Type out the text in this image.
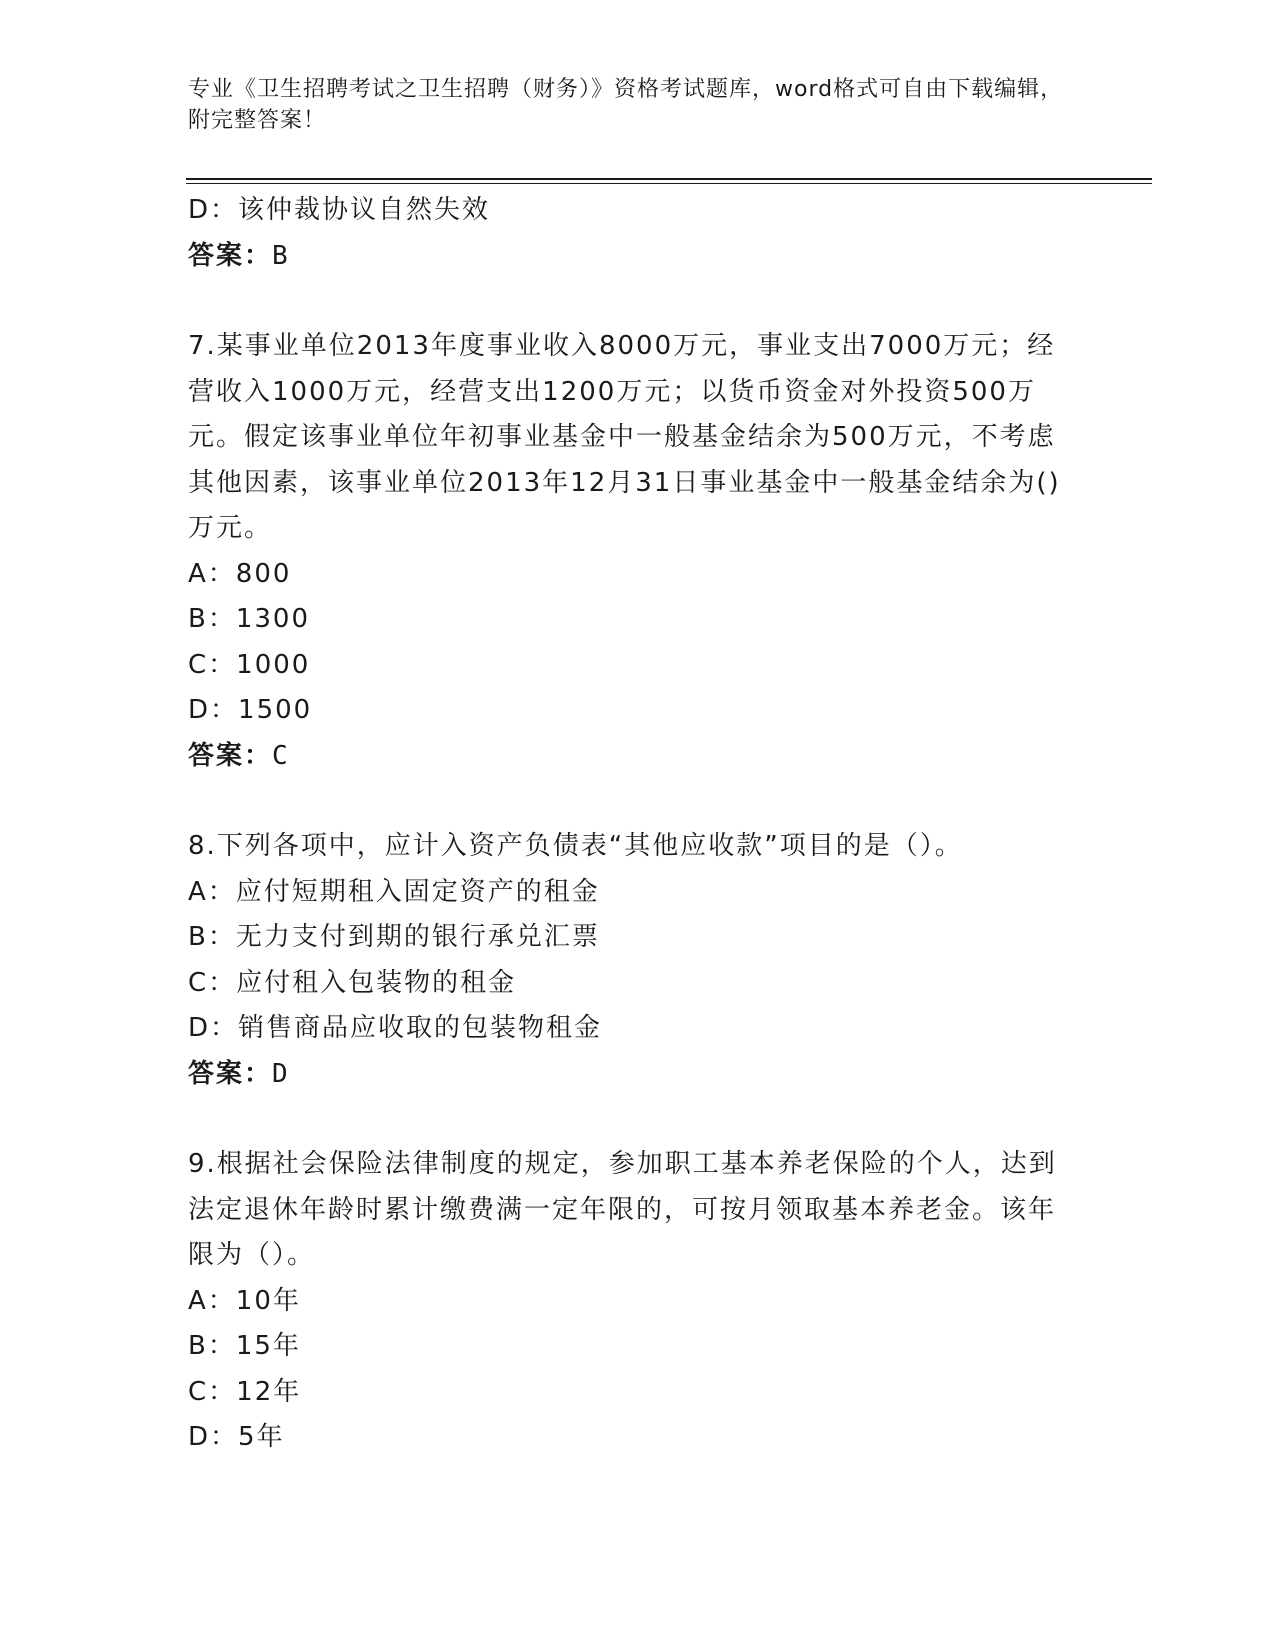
专业《卫生招聘考试之卫生招聘（财务）》资格考试题库，word格式可自由下载编辑，附完整答案！
D：该仲裁协议自然失效
答案：B
7.某事业单位2013年度事业收入8000万元，事业支出7000万元；经营收入1000万元，经营支出1200万元；以货币资金对外投资500万元。假定该事业单位年初事业基金中一般基金结余为500万元，不考虑其他因素，该事业单位2013年12月31日事业基金中一般基金结余为()万元。
A：800
B：1300
C：1000
D：1500
答案：C
8.下列各项中，应计入资产负债表“其他应收款”项目的是（）。
A：应付短期租入固定资产的租金
B：无力支付到期的银行承兑汇票
C：应付租入包装物的租金
D：销售商品应收取的包装物租金
答案：D
9.根据社会保险法律制度的规定，参加职工基本养老保险的个人，达到法定退休年龄时累计缴费满一定年限的，可按月领取基本养老金。该年限为（）。
A：10年
B：15年
C：12年
D：5年
